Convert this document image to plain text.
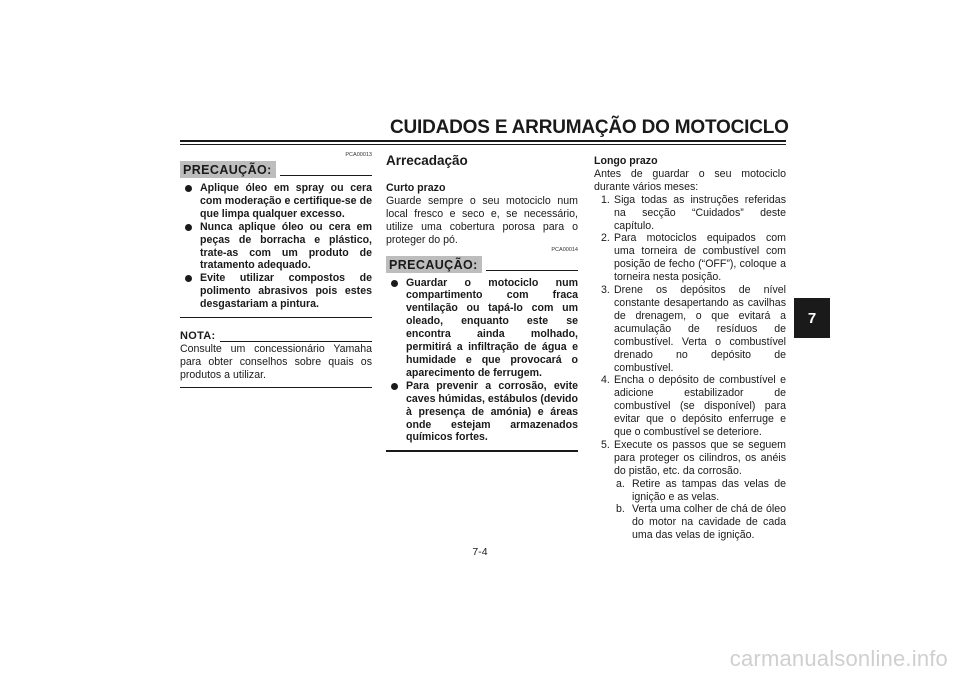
CUIDADOS E ARRUMAÇÃO DO MOTOCICLO
7
PCA00013
PRECAUÇÃO:
Aplique óleo em spray ou cera com moderação e certifique-se de que limpa qualquer excesso.
Nunca aplique óleo ou cera em peças de borracha e plástico, trate-as com um produto de tratamento adequado.
Evite utilizar compostos de polimento abrasivos pois estes desgastariam a pintura.
NOTA:
Consulte um concessionário Yamaha para obter conselhos sobre quais os produtos a utilizar.
Arrecadação
Curto prazo
Guarde sempre o seu motociclo num local fresco e seco e, se necessário, utilize uma cobertura porosa para o proteger do pó.
PCA00014
PRECAUÇÃO:
Guardar o motociclo num compartimento com fraca ventilação ou tapá-lo com um oleado, enquanto este se encontra ainda molhado, permitirá a infiltração de água e humidade e que provocará o aparecimento de ferrugem.
Para prevenir a corrosão, evite caves húmidas, estábulos (devido à presença de amónia) e áreas onde estejam armazenados químicos fortes.
Longo prazo
Antes de guardar o seu motociclo durante vários meses:
1. Siga todas as instruções referidas na secção “Cuidados” deste capítulo.
2. Para motociclos equipados com uma torneira de combustível com posição de fecho (“OFF”), coloque a torneira nesta posição.
3. Drene os depósitos de nível constante desapertando as cavilhas de drenagem, o que evitará a acumulação de resíduos de combustível. Verta o combustível drenado no depósito de combustível.
4. Encha o depósito de combustível e adicione estabilizador de combustível (se disponível) para evitar que o depósito enferruge e que o combustível se deteriore.
5. Execute os passos que se seguem para proteger os cilindros, os anéis do pistão, etc. da corrosão.
a. Retire as tampas das velas de ignição e as velas.
b. Verta uma colher de chá de óleo do motor na cavidade de cada uma das velas de ignição.
7-4
carmanualsonline.info
